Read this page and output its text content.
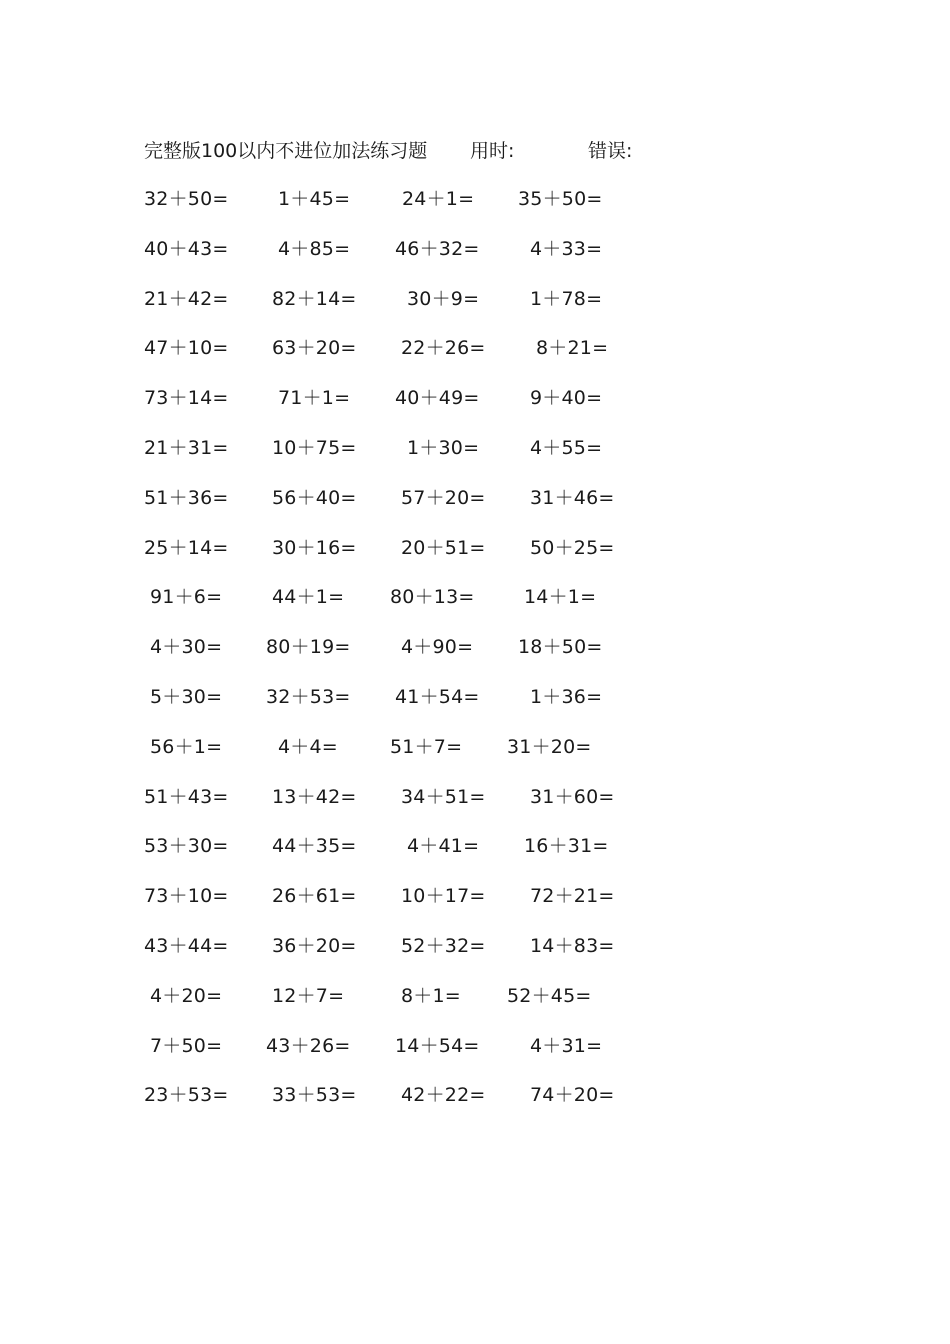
完整版100以内不进位加法练习题 用时:	错误:
32＋50=	1＋45=	24＋1= 35＋50=
40＋43=	4＋85= 46＋32=	4＋33=
21＋42= 82＋14=	30＋9=	1＋78=
47＋10= 63＋20= 22＋26=	8＋21=
73＋14=	71＋1= 40＋49=	9＋40=
21＋31= 10＋75=	1＋30=	4＋55=
51＋36= 56＋40= 57＋20= 31＋46=
25＋14= 30＋16= 20＋51= 50＋25=
91＋6=	44＋1= 80＋13=	14＋1=
4＋30= 80＋19=	4＋90= 18＋50=
5＋30= 32＋53= 41＋54=	1＋36=
56＋1=	4＋4=	51＋7= 31＋20=
51＋43= 13＋42= 34＋51= 31＋60=
53＋30= 44＋35=	4＋41= 16＋31=
73＋10= 26＋61= 10＋17= 72＋21=
43＋44= 36＋20= 52＋32= 14＋83=
4＋20=	12＋7=	8＋1= 52＋45=
7＋50= 43＋26= 14＋54=	4＋31=
23＋53= 33＋53= 42＋22= 74＋20=
